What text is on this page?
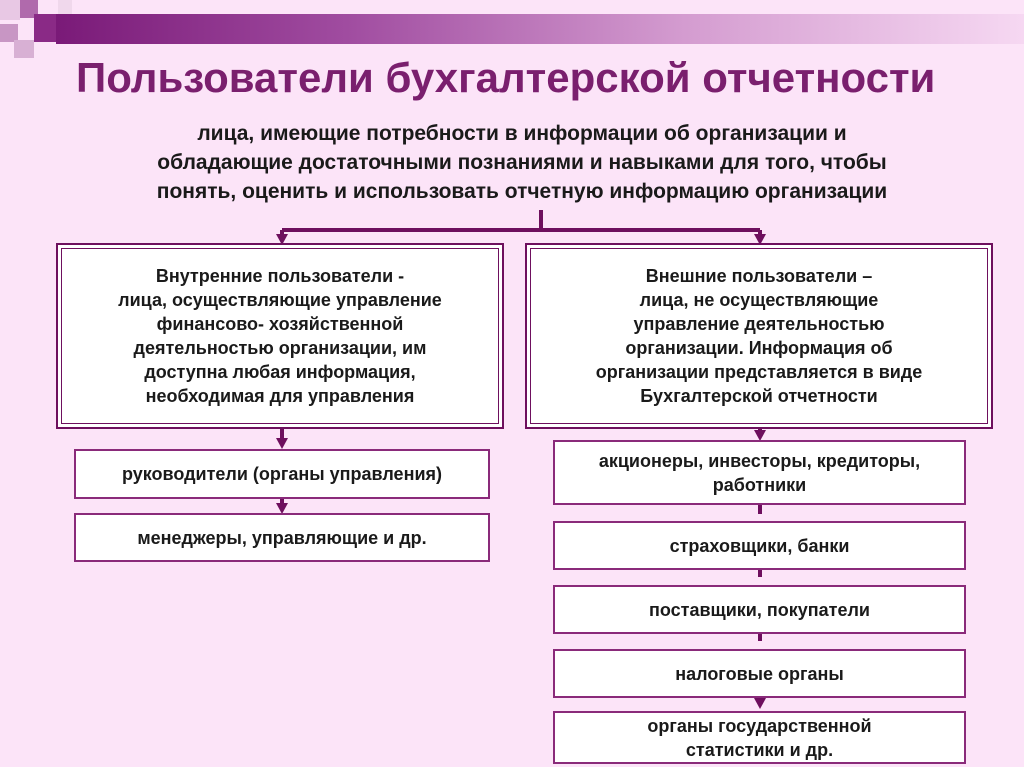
Пользователи бухгалтерской отчетности
лица, имеющие потребности в информации об организации и
обладающие достаточными познаниями и навыками для того, чтобы
понять, оценить и использовать отчетную информацию организации
Внутренние пользователи -
лица, осуществляющие управление
финансово- хозяйственной
деятельностью организации, им
доступна любая информация,
необходимая для управления
Внешние пользователи –
лица, не осуществляющие
управление деятельностью
организации. Информация об
организации представляется в виде
Бухгалтерской отчетности
руководители (органы управления)
менеджеры, управляющие и др.
акционеры, инвесторы, кредиторы,
работники
страховщики, банки
поставщики, покупатели
налоговые органы
органы государственной
статистики и др.
